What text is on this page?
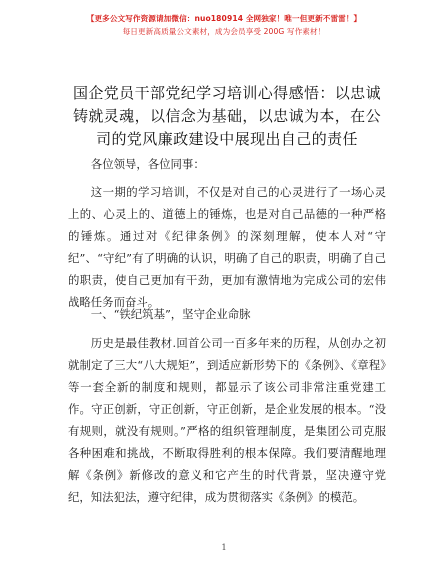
【更多公文写作资源请加微信：nuo180914 全网独家！唯一但更新不雷雷！】
每日更新高质量公文素材，成为会员享受 200G 写作素材！
国企党员干部党纪学习培训心得感悟：以忠诚铸就灵魂，以信念为基础，以忠诚为本，在公司的党风廉政建设中展现出自己的责任

各位领导，各位同事：

这一期的学习培训，不仅是对自己的心灵进行了一场心灵上的、心灵上的、道德上的锤炼，也是对自己品德的一种严格的锤炼。通过对《纪律条例》的深刻理解，使本人对“守纪”、“守纪”有了明确的认识，明确了自己的职责，明确了自己的职责，使自己更加有干劲，更加有激情地为完成公司的宏伟战略任务而奋斗。

一、“铁纪筑基”，坚守企业命脉

历史是最佳教材.回首公司一百多年来的历程，从创办之初就制定了三大“八大规矩”，到适应新形势下的《条例》、《章程》等一套全新的制度和规则，都显示了该公司非常注重党建工作。守正创新，守正创新，守正创新，是企业发展的根本。“没有规则，就没有规则。”严格的组织管理制度，是集团公司克服各种困难和挑战，不断取得胜利的根本保障。我们要清醒地理解《条例》新修改的意义和它产生的时代背景，坚决遵守党纪，知法犯法，遵守纪律，成为贯彻落实《条例》的模范。

1
